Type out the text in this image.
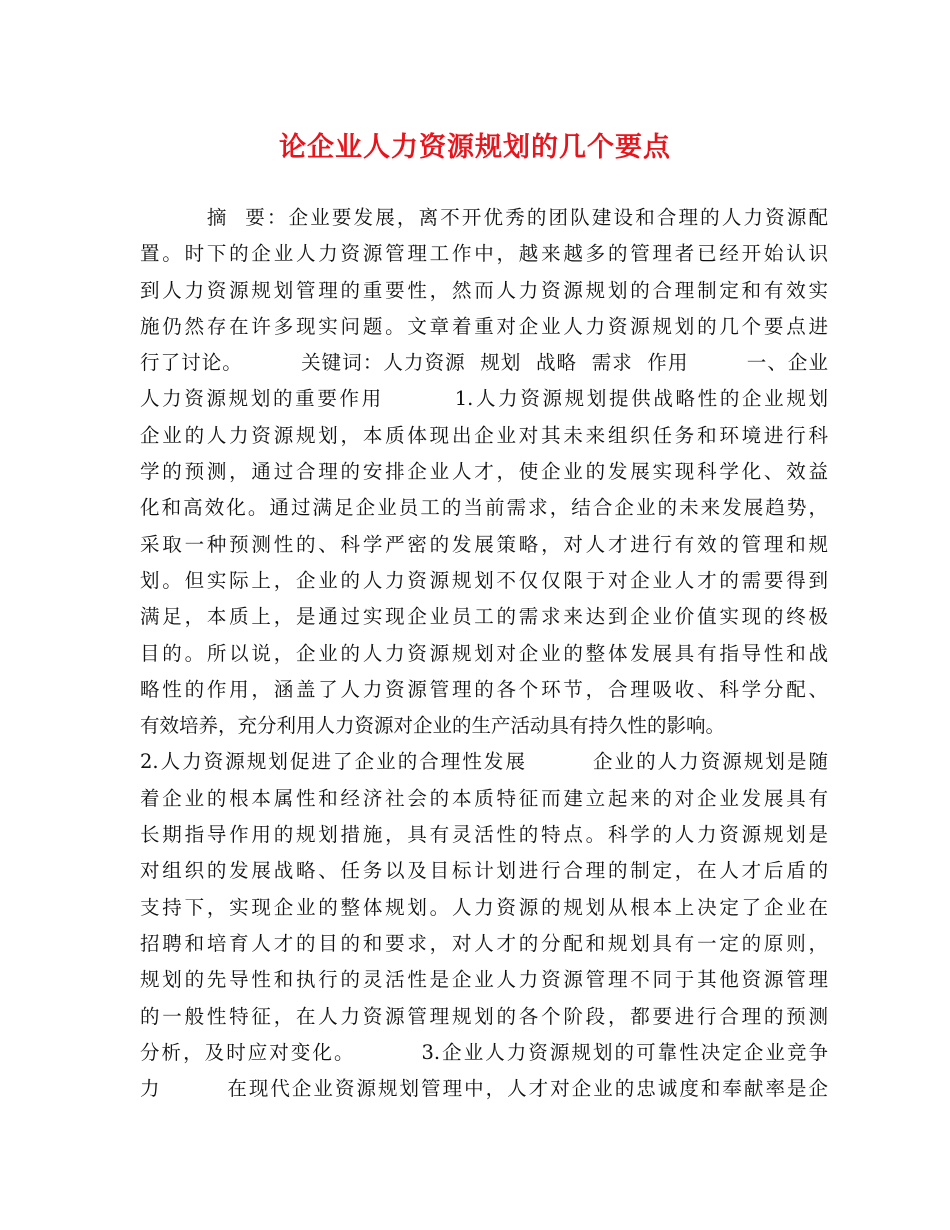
论企业人力资源规划的几个要点
摘  要：企业要发展，离不开优秀的团队建设和合理的人力资源配
置。时下的企业人力资源管理工作中，越来越多的管理者已经开始认识
到人力资源规划管理的重要性，然而人力资源规划的合理制定和有效实
施仍然存在许多现实问题。文章着重对企业人力资源规划的几个要点进
行了讨论。        关键词：人力资源  规划  战略  需求  作用        一、企业
人力资源规划的重要作用        1.人力资源规划提供战略性的企业规划
企业的人力资源规划，本质体现出企业对其未来组织任务和环境进行科
学的预测，通过合理的安排企业人才，使企业的发展实现科学化、效益
化和高效化。通过满足企业员工的当前需求，结合企业的未来发展趋势，
采取一种预测性的、科学严密的发展策略，对人才进行有效的管理和规
划。但实际上，企业的人力资源规划不仅仅限于对企业人才的需要得到
满足，本质上，是通过实现企业员工的需求来达到企业价值实现的终极
目的。所以说，企业的人力资源规划对企业的整体发展具有指导性和战
略性的作用，涵盖了人力资源管理的各个环节，合理吸收、科学分配、
有效培养，充分利用人力资源对企业的生产活动具有持久性的影响。
2.人力资源规划促进了企业的合理性发展        企业的人力资源规划是随
着企业的根本属性和经济社会的本质特征而建立起来的对企业发展具有
长期指导作用的规划措施，具有灵活性的特点。科学的人力资源规划是
对组织的发展战略、任务以及目标计划进行合理的制定，在人才后盾的
支持下，实现企业的整体规划。人力资源的规划从根本上决定了企业在
招聘和培育人才的目的和要求，对人才的分配和规划具有一定的原则，
规划的先导性和执行的灵活性是企业人力资源管理不同于其他资源管理
的一般性特征，在人力资源管理规划的各个阶段，都要进行合理的预测
分析，及时应对变化。        3.企业人力资源规划的可靠性决定企业竞争
力        在现代企业资源规划管理中，人才对企业的忠诚度和奉献率是企
